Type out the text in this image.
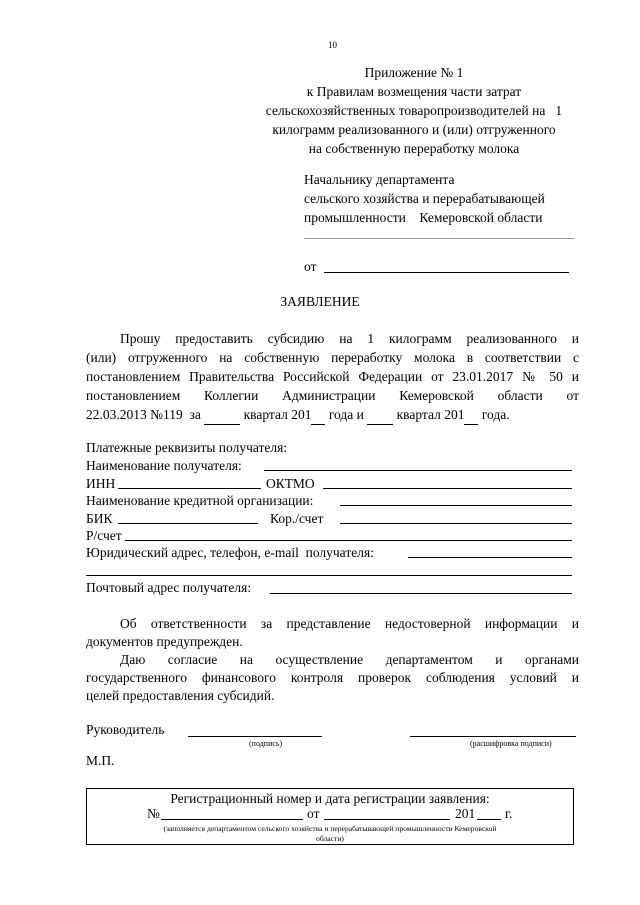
10
Приложение № 1
к Правилам возмещения части затрат
сельскохозяйственных товаропроизводителей на   1
килограмм реализованного и (или) отгруженного
на собственную переработку молока
Начальнику департамента
сельского хозяйства и перерабатывающей
промышленности    Кемеровской области
от
ЗАЯВЛЕНИЕ
Прошу предоставить субсидию на 1 килограмм реализованного и
(или) отгруженного на собственную переработку молока в соответствии с
постановлением Правительства Российской Федерации от 23.01.2017 № 50 и
постановлением Коллегии Администрации Кемеровской области от
22.03.2013 №119  за	квартал 201 года и квартал 201 года.
Платежные реквизиты получателя:
Наименование получателя:
ИНН	ОКТМО
Наименование кредитной организации:
БИК	Кор./счет
Р/счет
Юридический адрес, телефон, e-mail  получателя:
Почтовый адрес получателя:
Об ответственности за представление недостоверной информации и
документов предупрежден.
Даю согласие на осуществление департаментом и органами
государственного финансового контроля проверок соблюдения условий и
целей предоставления субсидий.
Руководитель
(подпись)	(расшифровка подписи)
М.П.
Регистрационный номер и дата регистрации заявления:
№	от	201 г.
(заполняется департаментом сельского хозяйства и перерабатывающей промышленности Кемеровской
области)
